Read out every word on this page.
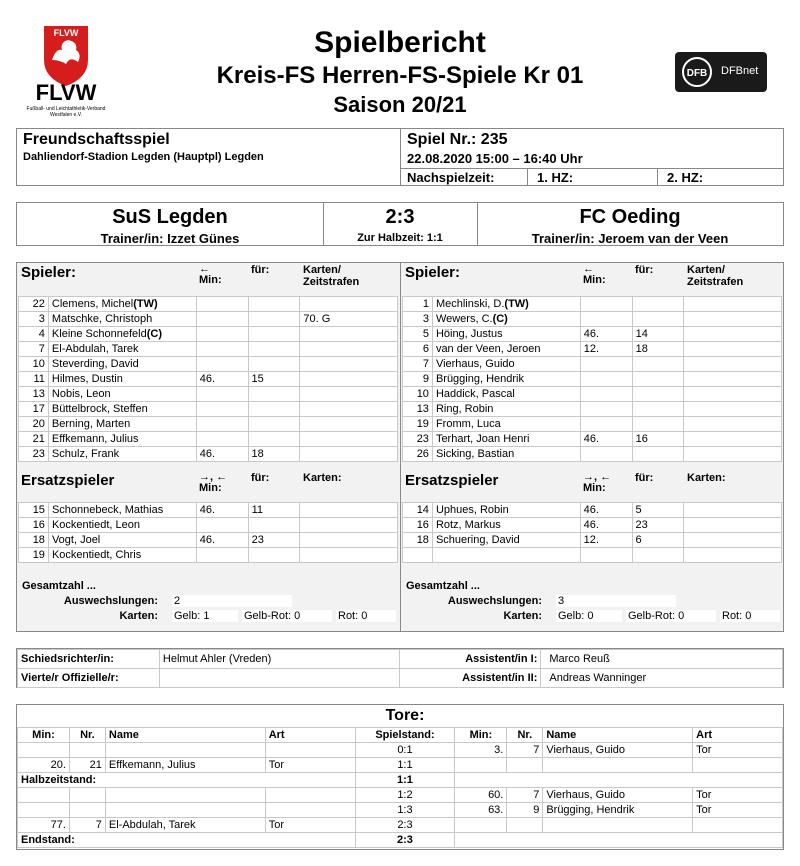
FLVW
FLVW
Fußball- und Leichtathletik-Verband Westfalen e.V.
Spielbericht
Kreis-FS Herren-FS-Spiele Kr 01
Saison 20/21
DFB DFBnet
Freundschaftsspiel
Dahliendorf-Stadion Legden (Hauptpl) Legden
Spiel Nr.: 235
22.08.2020 15:00 – 16:40 Uhr
Nachspielzeit:	1. HZ:	2. HZ:
SuS Legden
Trainer/in: Izzet Günes
2:3
Zur Halbzeit: 1:1
FC Oeding
Trainer/in: Jeroem van der Veen
Spieler:	←
Min:
	für:	Karten/
Zeitstrafen
22	Clemens, Michel(TW)			
3	Matschke, Christoph			70. G
4	Kleine Schonnefeld(C)			
7	El-Abdulah, Tarek			
10	Steverding, David			
11	Hilmes, Dustin	46.	15	
13	Nobis, Leon			
17	Büttelbrock, Steffen			
20	Berning, Marten			
21	Effkemann, Julius			
23	Schulz, Frank	46.	18	
Ersatzspieler	→, ←
Min:
	für:	Karten:
15	Schonnebeck, Mathias	46.	11	
16	Kockentiedt, Leon			
18	Vogt, Joel	46.	23	
19	Kockentiedt, Chris			
Gesamtzahl ...
Auswechslungen: 2
Karten: Gelb: 1	Gelb-Rot: 0	Rot: 0
Spieler:	←
Min:
	für:	Karten/
Zeitstrafen
1	Mechlinski, D.(TW)			
3	Wewers, C.(C)			
5	Höing, Justus	46.	14	
6	van der Veen, Jeroen	12.	18	
7	Vierhaus, Guido			
9	Brügging, Hendrik			
10	Haddick, Pascal			
13	Ring, Robin			
19	Fromm, Luca			
23	Terhart, Joan Henri	46.	16	
26	Sicking, Bastian			
Ersatzspieler	→, ←
Min:
	für:	Karten:
14	Uphues, Robin	46.	5	
16	Rotz, Markus	46.	23	
18	Schuering, David	12.	6	

Gesamtzahl ...
Auswechslungen: 3
Karten: Gelb: 0	Gelb-Rot: 0	Rot: 0
Schiedsrichter/in:	Helmut Ahler (Vreden)	Assistent/in I:	Marco Reuß
Vierte/r Offizielle/r:		Assistent/in II:	Andreas Wanninger
Tore:
Min:	Nr.	Name	Art	Spielstand:	Min:	Nr.	Name	Art
				0:1	3.	7	Vierhaus, Guido	Tor
20.	21	Effkemann, Julius	Tor	1:1				
Halbzeitstand:				1:1				
				1:2	60.	7	Vierhaus, Guido	Tor
				1:3	63.	9	Brügging, Hendrik	Tor
77.	7	El-Abdulah, Tarek	Tor	2:3				
Endstand:				2:3				
